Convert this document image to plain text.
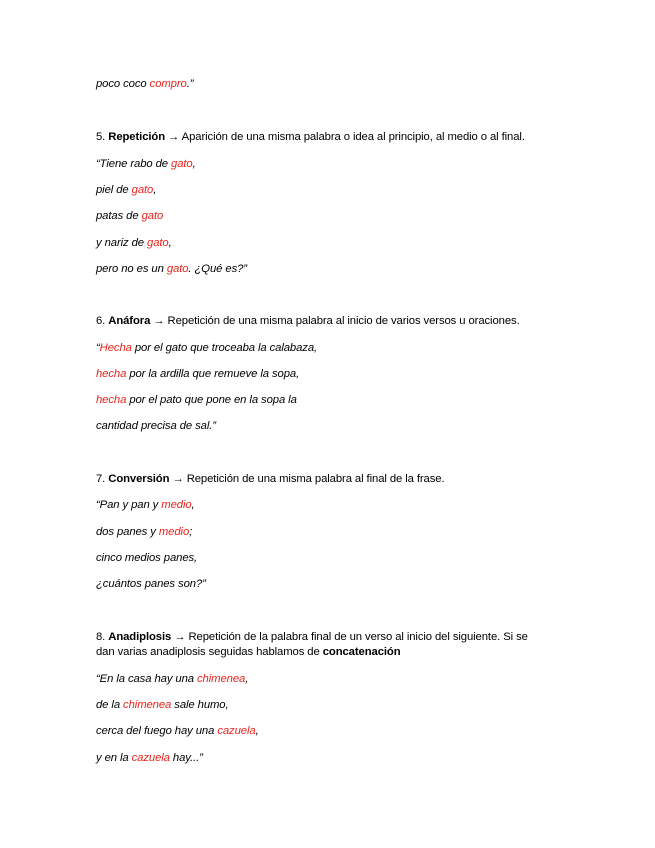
poco coco compro.”
5. Repetición → Aparición de una misma palabra o idea al principio, al medio o al final.
“Tiene rabo de gato,
piel de gato,
patas de gato
y nariz de gato,
pero no es un gato. ¿Qué es?”
6. Anáfora → Repetición de una misma palabra al inicio de varios versos u oraciones.
“Hecha por el gato que troceaba la calabaza,
hecha por la ardilla que remueve la sopa,
hecha por el pato que pone en la sopa la
cantidad precisa de sal.”
7. Conversión → Repetición de una misma palabra al final de la frase.
“Pan y pan y medio,
dos panes y medio;
cinco medios panes,
¿cuántos panes son?”
8. Anadiplosis → Repetición de la palabra final de un verso al inicio del siguiente. Si se
dan varias anadiplosis seguidas hablamos de concatenación
“En la casa hay una chimenea,
de la chimenea sale humo,
cerca del fuego hay una cazuela,
y en la cazuela hay...”
